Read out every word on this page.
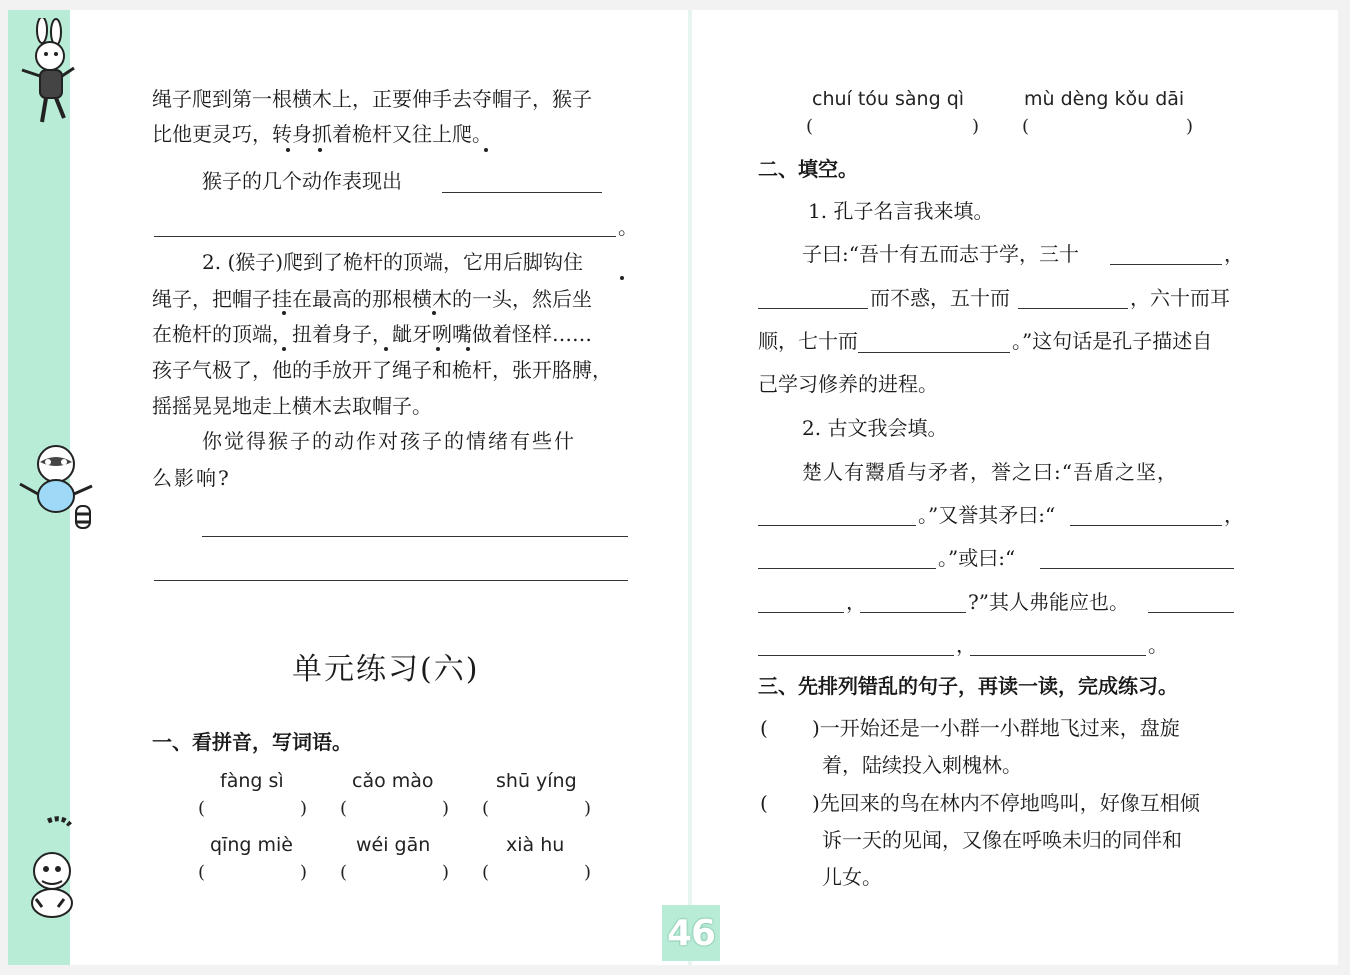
绳子爬到第一根横木上，正要伸手去夺帽子，猴子
比他更灵巧，转身抓着桅杆又往上爬。
猴子的几个动作表现出
。
2. (猴子)爬到了桅杆的顶端，它用后脚钩住
绳子，把帽子挂在最高的那根横木的一头，然后坐
在桅杆的顶端，扭着身子，龇牙咧嘴做着怪样……
孩子气极了，他的手放开了绳子和桅杆，张开胳膊，
摇摇晃晃地走上横木去取帽子。
你觉得猴子的动作对孩子的情绪有些什
么影响?
单元练习(六)
一、看拼音，写词语。
fàng sì	cǎo mào	shū yíng
(	) (	) (	)
qīng miè	wéi gān	xià hu
(	) (	) (	)
46
chuí tóu sàng qì	mù dèng kǒu dāi
(	) (	)
二、填空。
1. 孔子名言我来填。
子曰:“吾十有五而志于学，三十	，
而不惑，五十而	，六十而耳
顺，七十而	。”这句话是孔子描述自
己学习修养的进程。
2. 古文我会填。
楚人有鬻盾与矛者，誉之曰:“吾盾之坚，
。”又誉其矛曰:“	，
。”或曰:“
，	?”其人弗能应也。
，	。
三、先排列错乱的句子，再读一读，完成练习。
( )一开始还是一小群一小群地飞过来，盘旋
着，陆续投入刺槐林。
( )先回来的鸟在林内不停地鸣叫，好像互相倾
诉一天的见闻，又像在呼唤未归的同伴和
儿女。
